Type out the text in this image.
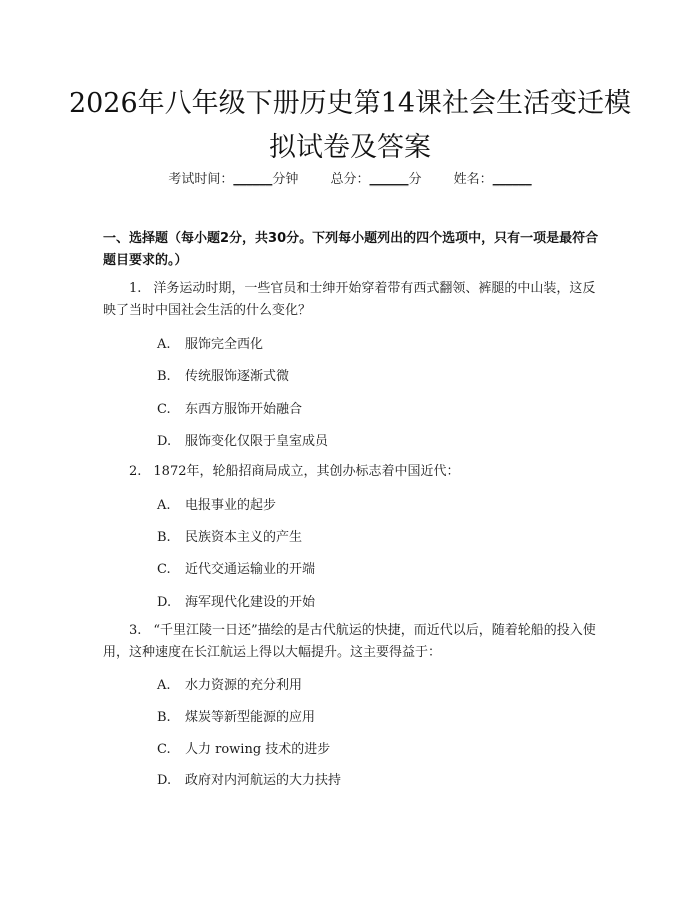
2026年八年级下册历史第14课社会生活变迁模拟试卷及答案
考试时间：______分钟 总分：______分 姓名：______
一、选择题（每小题2分，共30分。下列每小题列出的四个选项中，只有一项是最符合题目要求的。）
1. 洋务运动时期，一些官员和士绅开始穿着带有西式翻领、裤腿的中山装，这反映了当时中国社会生活的什么变化？
A. 服饰完全西化
B. 传统服饰逐渐式微
C. 东西方服饰开始融合
D. 服饰变化仅限于皇室成员
2. 1872年，轮船招商局成立，其创办标志着中国近代：
A. 电报事业的起步
B. 民族资本主义的产生
C. 近代交通运输业的开端
D. 海军现代化建设的开始
3. “千里江陵一日还”描绘的是古代航运的快捷，而近代以后，随着轮船的投入使用，这种速度在长江航运上得以大幅提升。这主要得益于：
A. 水力资源的充分利用
B. 煤炭等新型能源的应用
C. 人力 rowing 技术的进步
D. 政府对内河航运的大力扶持
